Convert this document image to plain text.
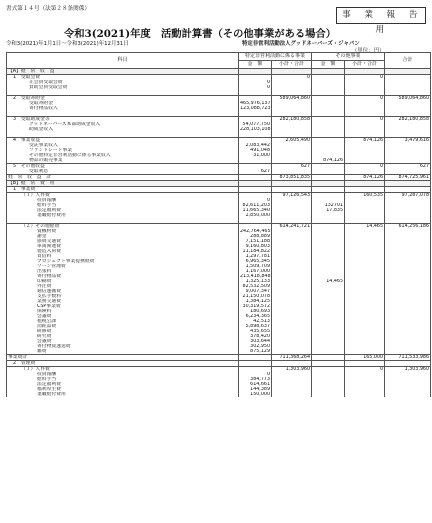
書式第１４号（法第２８条関係）
事　業　報　告　用
令和3(2021)年度　活動計算書（その他事業がある場合）
令和3(2021)年1月1日～令和3(2021)年12月31日	特定非営利活動法人グッドネーバーズ・ジャパン
（単位：円）
科目	特定非営利活動に係る事業		その他事業		合計
	金　額	小計・合計	金　額	小計・合計	
【A】経　常　収　益					
1　受取会費		0		0	
正会員受取会費	0				
賛助会員受取会費	0				

2　受取寄附金		589,064,860		0	589,064,860
受取寄附金	465,976,137				
寄付物品収入	123,088,723				

3　受取助成金等		282,180,858		0	282,180,858
グッドネーバーズ本部助成金収入	54,077,750				
助成金収入	228,103,108				

4　事業収益		2,605,490		874,126	3,479,616
受託事業収入	2,083,442				
ファンドレード事業	491,048				
その他特定非営利活動に係る事業収入	31,000				
物品の販売事業			874,126		
5　その他収益		627		0	627
受取利息	627				
経　常　収　益　計		873,851,835		874,126	874,725,961
【B】経　常　費　用					
1　事業費					
（１）人件費		97,126,543		160,535	97,287,078
役員報酬	0				
給料手当	82,611,203		132701		
法定福利費	11,665,340		17,835		
退職給付費用	2,850,000				

（２）その他経費		614,241,721		14,465	614,256,186
資機材費	242,764,465				
謝金	288,889				
旅費交通費	7,151,188				
車両関連費	9,160,803				
製造入荷費	11,184,822				
賃借料	1,297,781				
プロジェクト事業提携経費	6,965,345				
ゾーン管理費	1,509,709				
出張料	1,167,000				
寄付物品費	213,418,848				
印刷費	1,325,133		14,465		
外注費	82,532,509				
通信運搬費	9,007,347				
支払手数料	21,150,078				
業務交通費	1,384,125				
CSP事業費	30,319,572				
保険料	180,693				
会議費	6,234,365				
租税公課	42,513				
消耗品費	5,898,637				
研修費	435,655				
研究費	378,420				
会議費	303,644				
寄付物資運送費	302,950				
雑費	875,129				
事業費計		711,368,264		165,000	711,533,986
2　管理費					
（１）人件費		1,303,960		0	1,303,960
役員報酬	0				
給料手当	384,773				
法定福利費	614,661				
福利厚生費	144,389				
退職給付費用	150,000				
